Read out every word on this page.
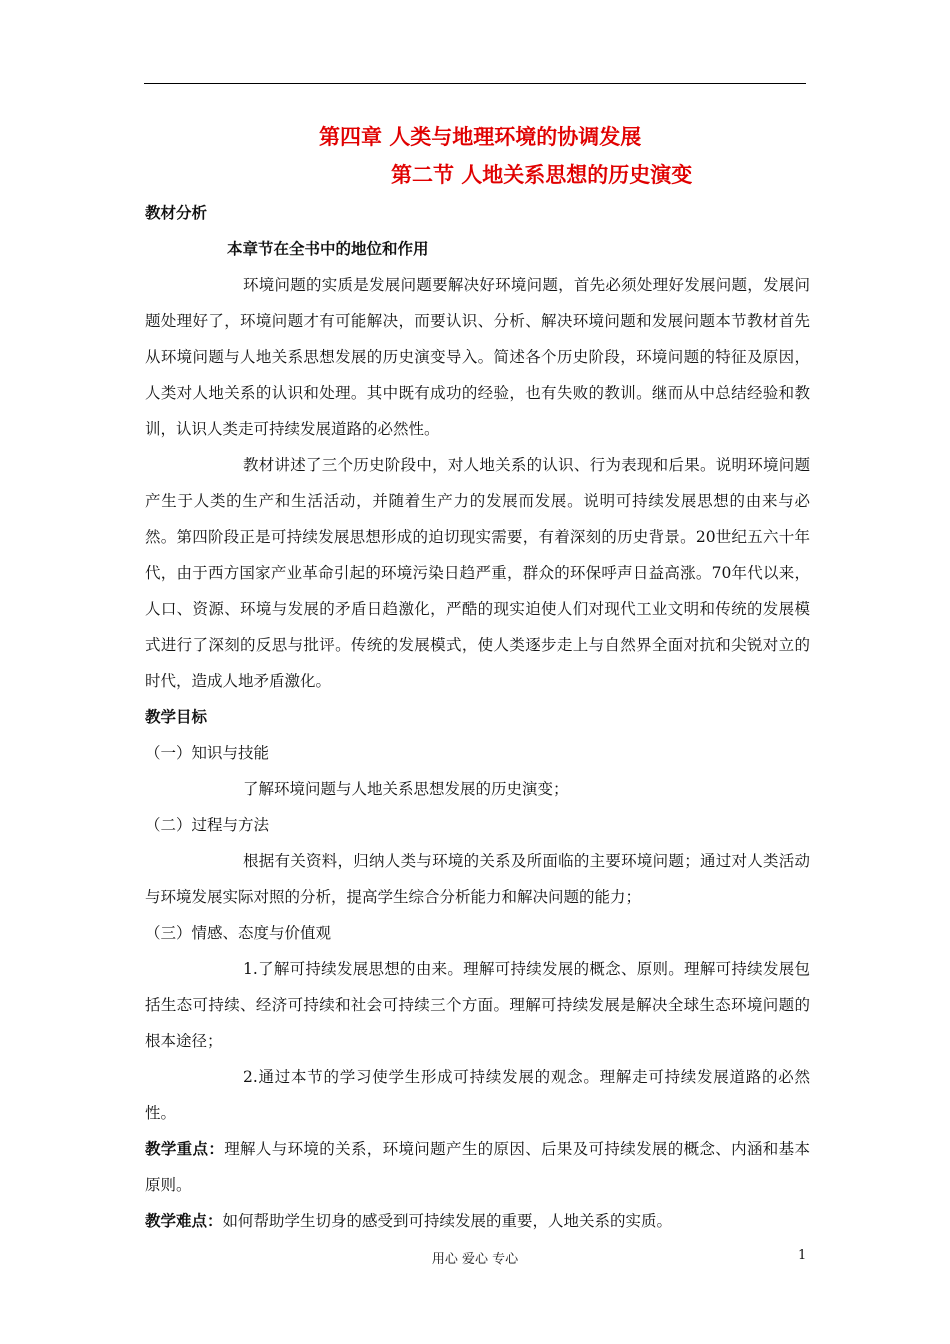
第四章 人类与地理环境的协调发展
第二节 人地关系思想的历史演变
教材分析
本章节在全书中的地位和作用
环境问题的实质是发展问题要解决好环境问题，首先必须处理好发展问题，发展问题处理好了，环境问题才有可能解决，而要认识、分析、解决环境问题和发展问题本节教材首先从环境问题与人地关系思想发展的历史演变导入。简述各个历史阶段，环境问题的特征及原因，人类对人地关系的认识和处理。其中既有成功的经验，也有失败的教训。继而从中总结经验和教训，认识人类走可持续发展道路的必然性。
教材讲述了三个历史阶段中，对人地关系的认识、行为表现和后果。说明环境问题产生于人类的生产和生活活动，并随着生产力的发展而发展。说明可持续发展思想的由来与必然。第四阶段正是可持续发展思想形成的迫切现实需要，有着深刻的历史背景。20世纪五六十年代，由于西方国家产业革命引起的环境污染日趋严重，群众的环保呼声日益高涨。70年代以来，人口、资源、环境与发展的矛盾日趋激化，严酷的现实迫使人们对现代工业文明和传统的发展模式进行了深刻的反思与批评。传统的发展模式，使人类逐步走上与自然界全面对抗和尖锐对立的时代，造成人地矛盾激化。
教学目标
（一）知识与技能
了解环境问题与人地关系思想发展的历史演变；
（二）过程与方法
根据有关资料，归纳人类与环境的关系及所面临的主要环境问题；通过对人类活动与环境发展实际对照的分析，提高学生综合分析能力和解决问题的能力；
（三）情感、态度与价值观
1.了解可持续发展思想的由来。理解可持续发展的概念、原则。理解可持续发展包括生态可持续、经济可持续和社会可持续三个方面。理解可持续发展是解决全球生态环境问题的根本途径；
2.通过本节的学习使学生形成可持续发展的观念。理解走可持续发展道路的必然性。
教学重点：理解人与环境的关系，环境问题产生的原因、后果及可持续发展的概念、内涵和基本原则。
教学难点：如何帮助学生切身的感受到可持续发展的重要，人地关系的实质。
用心 爱心 专心	1
